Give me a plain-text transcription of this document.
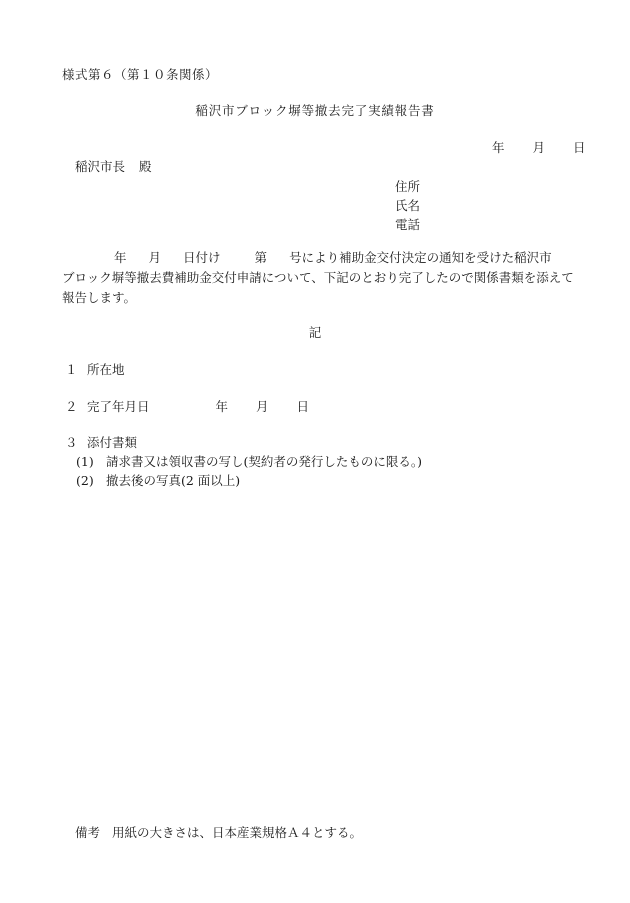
様式第６（第１０条関係）
稲沢市ブロック塀等撤去完了実績報告書
年 月 日
稲沢市長 殿
住所
氏名
電話
年 月 日付け	第 号により補助金交付決定の通知を受けた稲沢市
ブロック塀等撤去費補助金交付申請について、下記のとおり完了したので関係書類を添えて
報告します。
記
１ 所在地
２ 完了年月日	年 月 日
３ 添付書類
(1) 請求書又は領収書の写し(契約者の発行したものに限る。)
(2) 撤去後の写真(2 面以上)
備考 用紙の大きさは、日本産業規格Ａ４とする。
